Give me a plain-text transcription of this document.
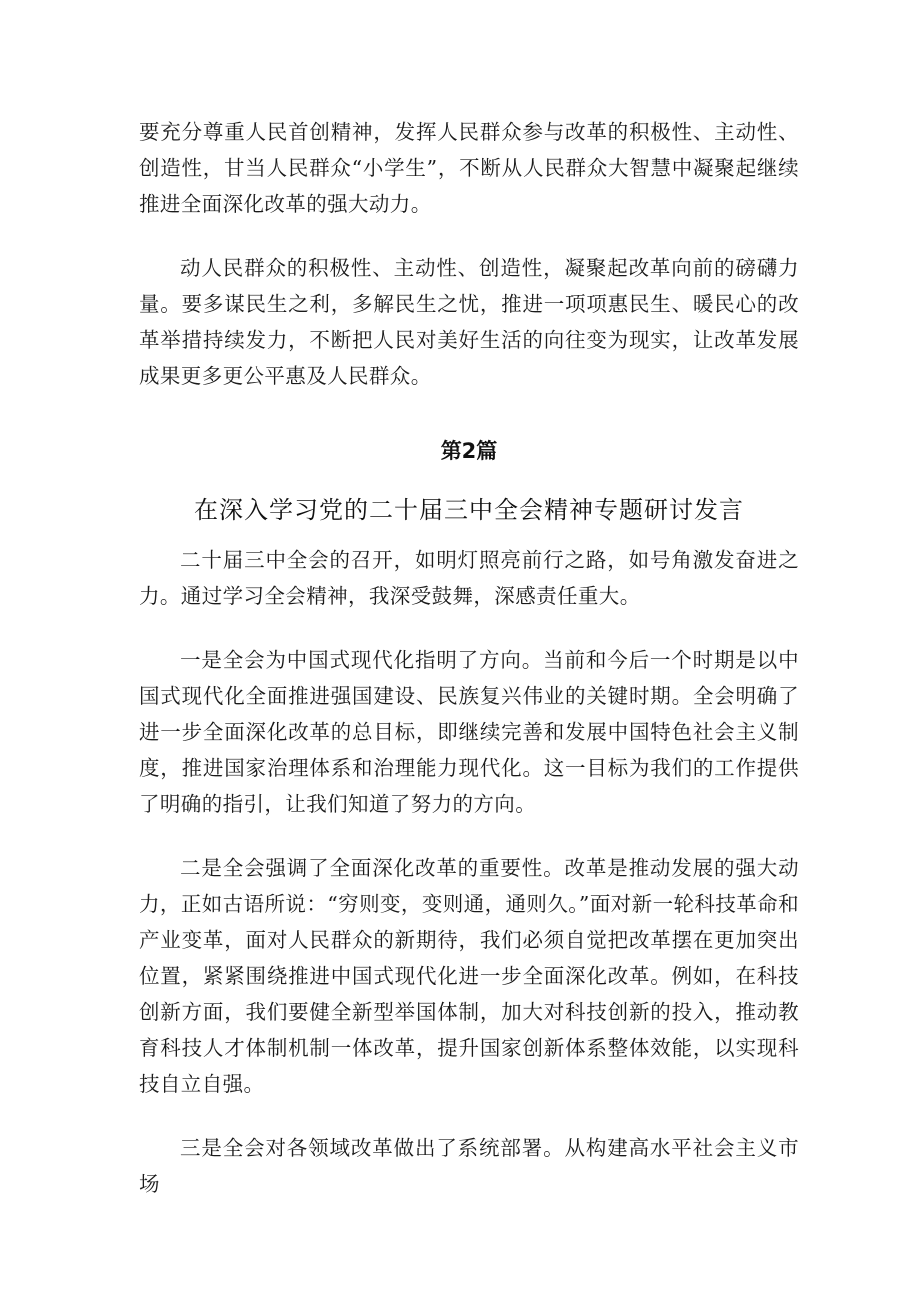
要充分尊重人民首创精神，发挥人民群众参与改革的积极性、主动性、创造性，甘当人民群众“小学生”，不断从人民群众大智慧中凝聚起继续推进全面深化改革的强大动力。

动人民群众的积极性、主动性、创造性，凝聚起改革向前的磅礴力量。要多谋民生之利，多解民生之忧，推进一项项惠民生、暖民心的改革举措持续发力，不断把人民对美好生活的向往变为现实，让改革发展成果更多更公平惠及人民群众。

第2篇
在深入学习党的二十届三中全会精神专题研讨发言

二十届三中全会的召开，如明灯照亮前行之路，如号角激发奋进之力。通过学习全会精神，我深受鼓舞，深感责任重大。

一是全会为中国式现代化指明了方向。当前和今后一个时期是以中国式现代化全面推进强国建设、民族复兴伟业的关键时期。全会明确了进一步全面深化改革的总目标，即继续完善和发展中国特色社会主义制度，推进国家治理体系和治理能力现代化。这一目标为我们的工作提供了明确的指引，让我们知道了努力的方向。

二是全会强调了全面深化改革的重要性。改革是推动发展的强大动力，正如古语所说：“穷则变，变则通，通则久。”面对新一轮科技革命和产业变革，面对人民群众的新期待，我们必须自觉把改革摆在更加突出位置，紧紧围绕推进中国式现代化进一步全面深化改革。例如，在科技创新方面，我们要健全新型举国体制，加大对科技创新的投入，推动教育科技人才体制机制一体改革，提升国家创新体系整体效能，以实现科技自立自强。

三是全会对各领域改革做出了系统部署。从构建高水平社会主义市场
